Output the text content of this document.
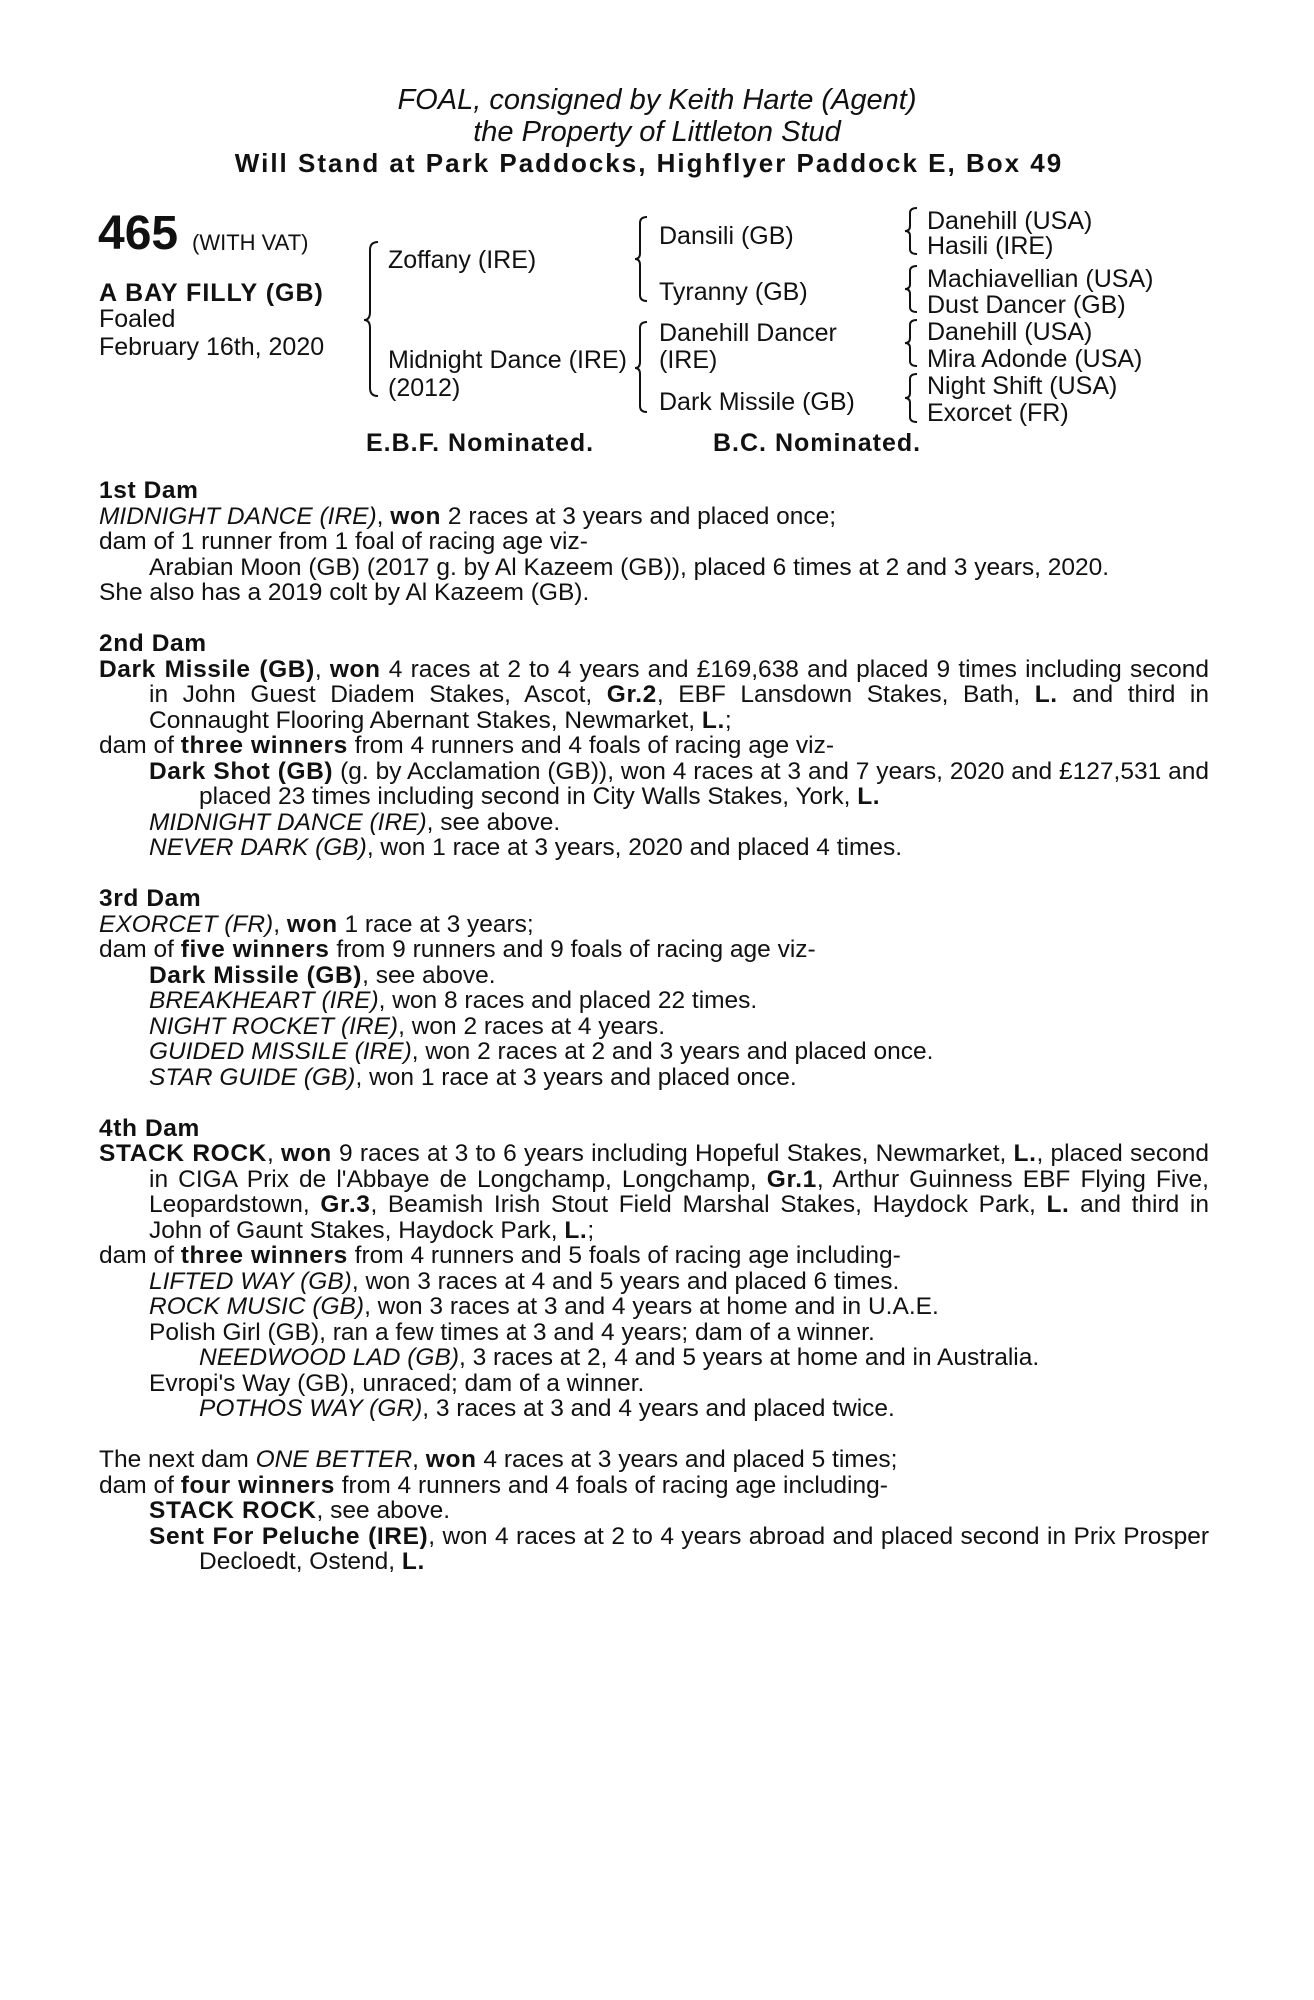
FOAL, consigned by Keith Harte (Agent)
the Property of Littleton Stud
Will Stand at Park Paddocks, Highflyer Paddock E, Box 49
465 (WITH VAT)
A BAY FILLY (GB)
Foaled
February 16th, 2020
Zoffany (IRE)
Midnight Dance (IRE)
(2012)
Dansili (GB)
Tyranny (GB)
Danehill Dancer
(IRE)
Dark Missile (GB)
Danehill (USA)
Hasili (IRE)
Machiavellian (USA)
Dust Dancer (GB)
Danehill (USA)
Mira Adonde (USA)
Night Shift (USA)
Exorcet (FR)
E.B.F. Nominated.	B.C. Nominated.
1st Dam
MIDNIGHT DANCE (IRE), won 2 races at 3 years and placed once;
dam of 1 runner from 1 foal of racing age viz-
Arabian Moon (GB) (2017 g. by Al Kazeem (GB)), placed 6 times at 2 and 3 years, 2020.
She also has a 2019 colt by Al Kazeem (GB).
2nd Dam
Dark Missile (GB), won 4 races at 2 to 4 years and £169,638 and placed 9 times including second in John Guest Diadem Stakes, Ascot, Gr.2, EBF Lansdown Stakes, Bath, L. and third in Connaught Flooring Abernant Stakes, Newmarket, L.;
dam of three winners from 4 runners and 4 foals of racing age viz-
Dark Shot (GB) (g. by Acclamation (GB)), won 4 races at 3 and 7 years, 2020 and £127,531 and placed 23 times including second in City Walls Stakes, York, L.
MIDNIGHT DANCE (IRE), see above.
NEVER DARK (GB), won 1 race at 3 years, 2020 and placed 4 times.
3rd Dam
EXORCET (FR), won 1 race at 3 years;
dam of five winners from 9 runners and 9 foals of racing age viz-
Dark Missile (GB), see above.
BREAKHEART (IRE), won 8 races and placed 22 times.
NIGHT ROCKET (IRE), won 2 races at 4 years.
GUIDED MISSILE (IRE), won 2 races at 2 and 3 years and placed once.
STAR GUIDE (GB), won 1 race at 3 years and placed once.
4th Dam
STACK ROCK, won 9 races at 3 to 6 years including Hopeful Stakes, Newmarket, L., placed second in CIGA Prix de l'Abbaye de Longchamp, Longchamp, Gr.1, Arthur Guinness EBF Flying Five, Leopardstown, Gr.3, Beamish Irish Stout Field Marshal Stakes, Haydock Park, L. and third in John of Gaunt Stakes, Haydock Park, L.;
dam of three winners from 4 runners and 5 foals of racing age including-
LIFTED WAY (GB), won 3 races at 4 and 5 years and placed 6 times.
ROCK MUSIC (GB), won 3 races at 3 and 4 years at home and in U.A.E.
Polish Girl (GB), ran a few times at 3 and 4 years; dam of a winner.
NEEDWOOD LAD (GB), 3 races at 2, 4 and 5 years at home and in Australia.
Evropi's Way (GB), unraced; dam of a winner.
POTHOS WAY (GR), 3 races at 3 and 4 years and placed twice.
The next dam ONE BETTER, won 4 races at 3 years and placed 5 times;
dam of four winners from 4 runners and 4 foals of racing age including-
STACK ROCK, see above.
Sent For Peluche (IRE), won 4 races at 2 to 4 years abroad and placed second in Prix Prosper Decloedt, Ostend, L.
